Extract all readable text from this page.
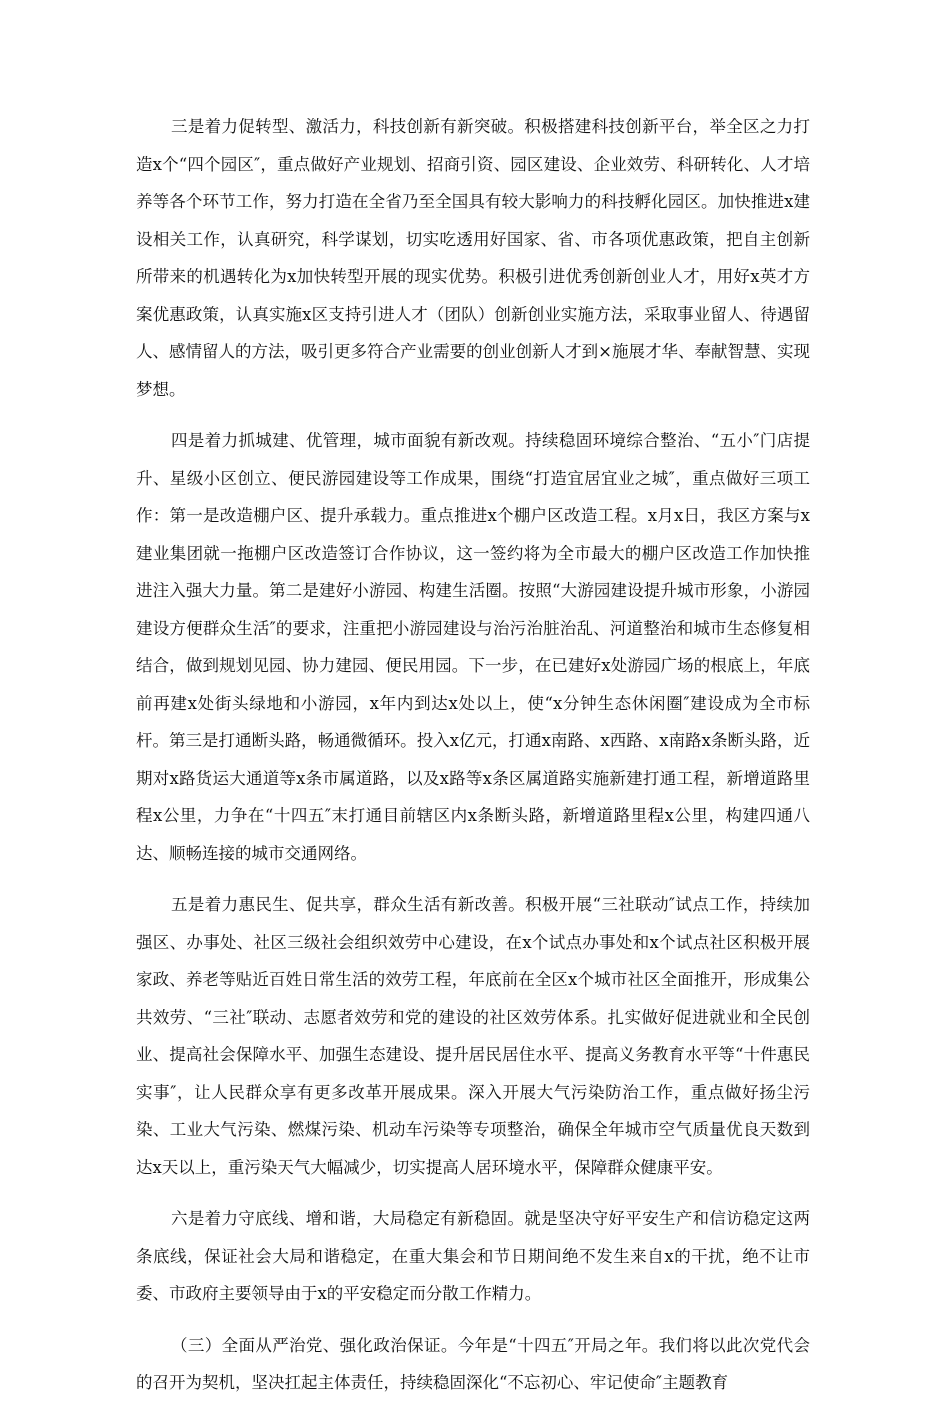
三是着力促转型、激活力，科技创新有新突破。积极搭建科技创新平台，举全区之力打造x个“四个园区″，重点做好产业规划、招商引资、园区建设、企业效劳、科研转化、人才培养等各个环节工作，努力打造在全省乃至全国具有较大影响力的科技孵化园区。加快推进x建设相关工作，认真研究，科学谋划，切实吃透用好国家、省、市各项优惠政策，把自主创新所带来的机遇转化为x加快转型开展的现实优势。积极引进优秀创新创业人才，用好x英才方案优惠政策，认真实施x区支持引进人才（团队）创新创业实施方法，采取事业留人、待遇留人、感情留人的方法，吸引更多符合产业需要的创业创新人才到×施展才华、奉献智慧、实现梦想。

四是着力抓城建、优管理，城市面貌有新改观。持续稳固环境综合整治、“五小″门店提升、星级小区创立、便民游园建设等工作成果，围绕“打造宜居宜业之城″，重点做好三项工作：第一是改造棚户区、提升承载力。重点推进x个棚户区改造工程。x月x日，我区方案与x建业集团就一拖棚户区改造签订合作协议，这一签约将为全市最大的棚户区改造工作加快推进注入强大力量。第二是建好小游园、构建生活圈。按照“大游园建设提升城市形象，小游园建设方便群众生活″的要求，注重把小游园建设与治污治脏治乱、河道整治和城市生态修复相结合，做到规划见园、协力建园、便民用园。下一步，在已建好x处游园广场的根底上，年底前再建x处街头绿地和小游园，x年内到达x处以上，使“x分钟生态休闲圈″建设成为全市标杆。第三是打通断头路，畅通微循环。投入x亿元，打通x南路、x西路、x南路x条断头路，近期对x路货运大通道等x条市属道路，以及x路等x条区属道路实施新建打通工程，新增道路里程x公里，力争在“十四五″末打通目前辖区内x条断头路，新增道路里程x公里，构建四通八达、顺畅连接的城市交通网络。

五是着力惠民生、促共享，群众生活有新改善。积极开展“三社联动″试点工作，持续加强区、办事处、社区三级社会组织效劳中心建设，在x个试点办事处和x个试点社区积极开展家政、养老等贴近百姓日常生活的效劳工程，年底前在全区x个城市社区全面推开，形成集公共效劳、“三社″联动、志愿者效劳和党的建设的社区效劳体系。扎实做好促进就业和全民创业、提高社会保障水平、加强生态建设、提升居民居住水平、提高义务教育水平等“十件惠民实事″，让人民群众享有更多改革开展成果。深入开展大气污染防治工作，重点做好扬尘污染、工业大气污染、燃煤污染、机动车污染等专项整治，确保全年城市空气质量优良天数到达x天以上，重污染天气大幅减少，切实提高人居环境水平，保障群众健康平安。

六是着力守底线、增和谐，大局稳定有新稳固。就是坚决守好平安生产和信访稳定这两条底线，保证社会大局和谐稳定，在重大集会和节日期间绝不发生来自x的干扰，绝不让市委、市政府主要领导由于x的平安稳定而分散工作精力。

（三）全面从严治党、强化政治保证。今年是“十四五″开局之年。我们将以此次党代会的召开为契机，坚决扛起主体责任，持续稳固深化“不忘初心、牢记使命″主题教育
